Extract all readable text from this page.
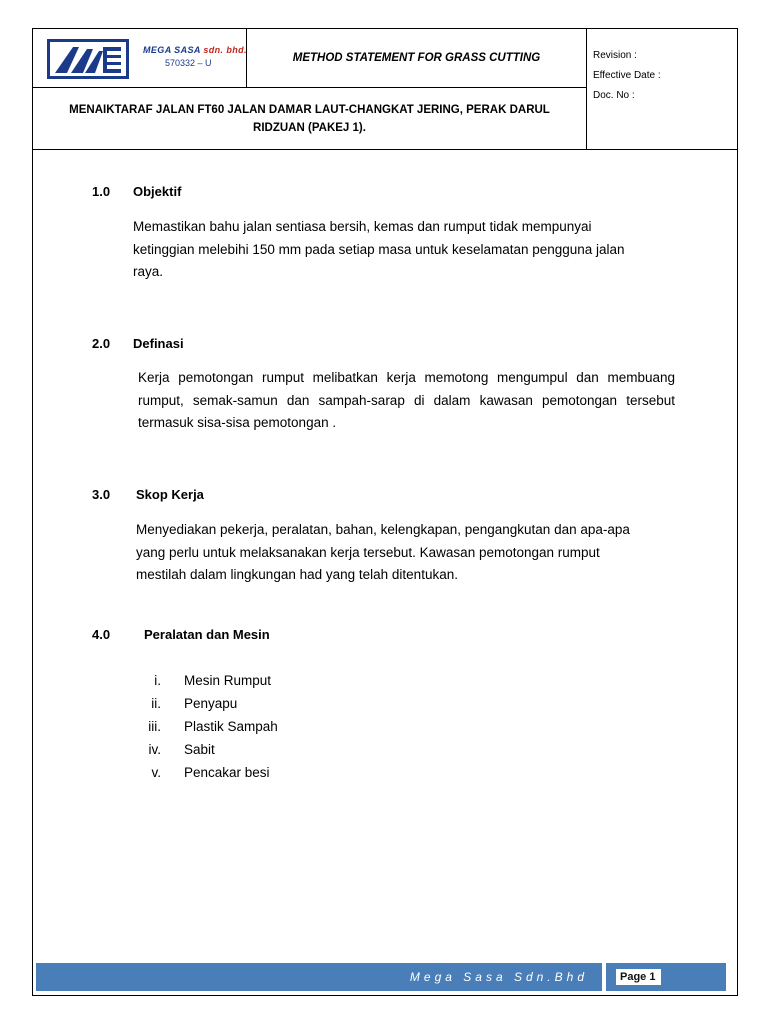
MEGA SASA sdn. bhd.
570332 – U	METHOD STATEMENT FOR GRASS CUTTING	Revision :
Effective Date :
Doc. No :
MENAIKTARAF JALAN FT60 JALAN DAMAR LAUT-CHANGKAT JERING, PERAK DARUL RIDZUAN (PAKEJ 1).
1.0 Objektif
Memastikan bahu jalan sentiasa bersih, kemas dan rumput tidak mempunyai
ketinggian melebihi 150 mm pada setiap masa untuk keselamatan pengguna jalan
raya.
2.0 Definasi
Kerja pemotongan rumput melibatkan kerja memotong mengumpul dan membuang
rumput, semak-samun dan sampah-sarap di dalam kawasan pemotongan tersebut
termasuk sisa-sisa pemotongan .
3.0 Skop Kerja
Menyediakan pekerja, peralatan, bahan, kelengkapan, pengangkutan dan apa-apa
yang perlu untuk melaksanakan kerja tersebut. Kawasan pemotongan rumput
mestilah dalam lingkungan had yang telah ditentukan.
4.0	Peralatan dan Mesin
i. Mesin Rumput
ii. Penyapu
iii. Plastik Sampah
iv. Sabit
v. Pencakar besi
Mega Sasa Sdn.Bhd	Page 1
